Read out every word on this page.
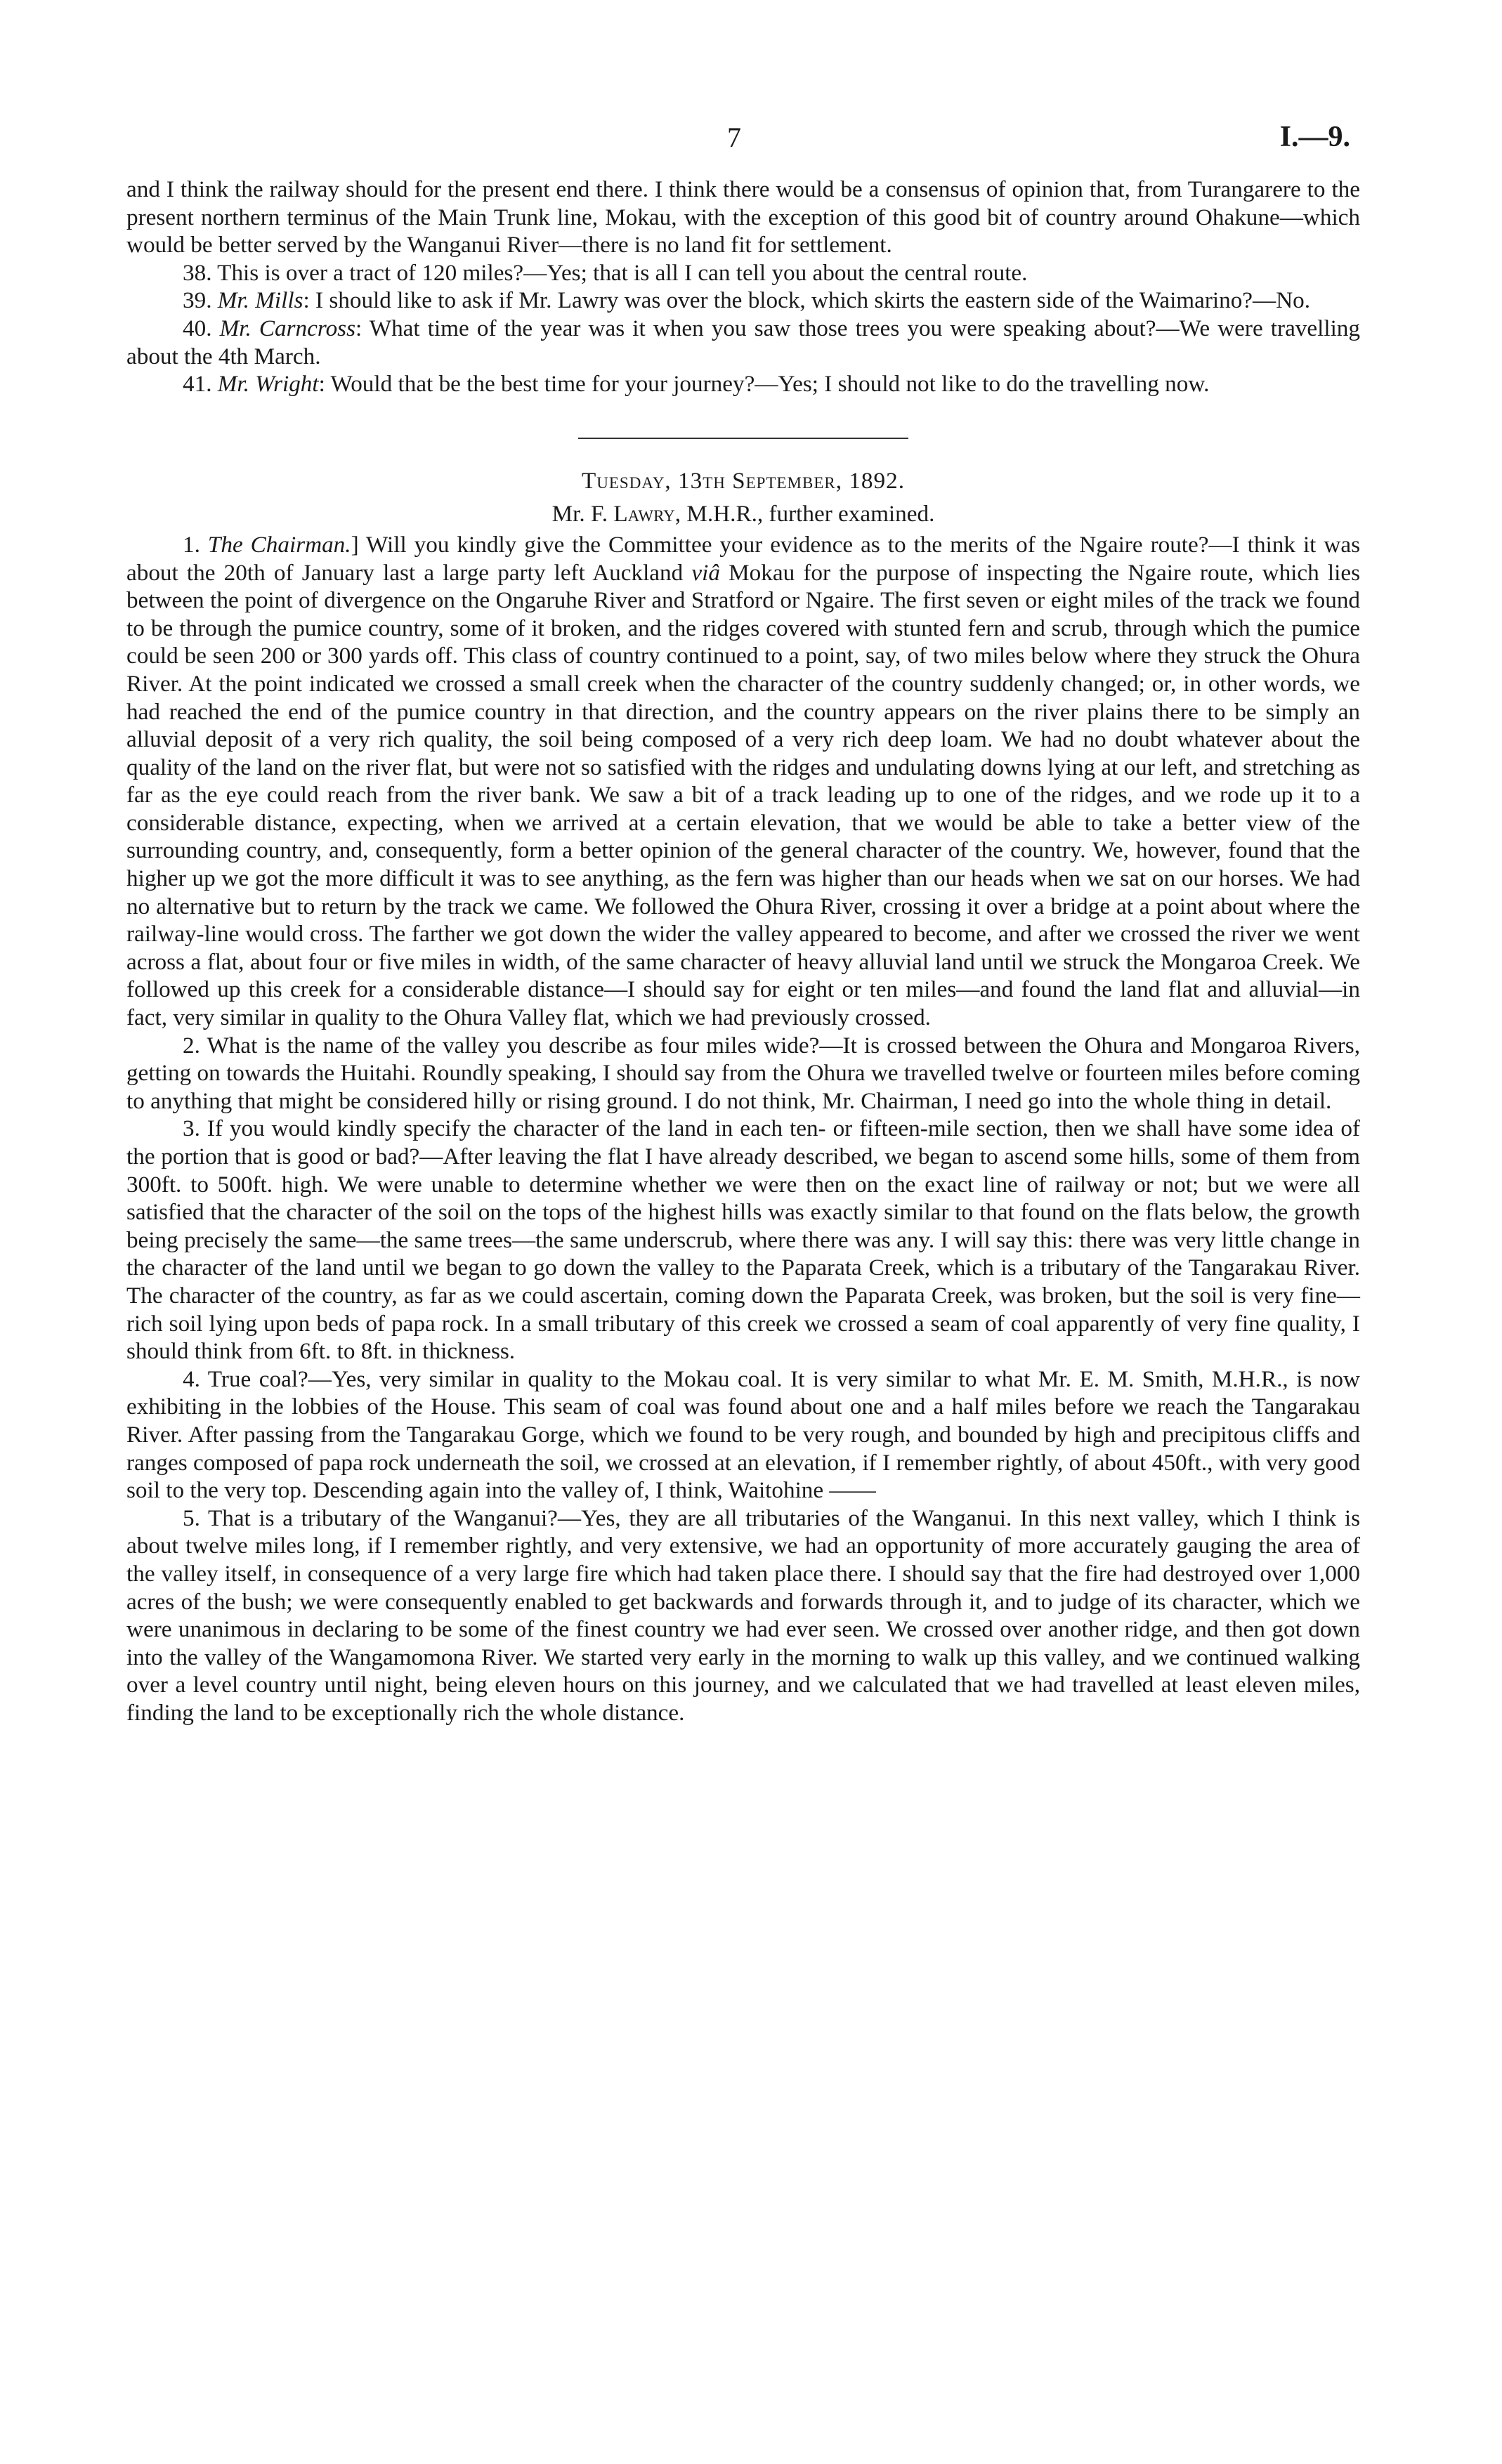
7	I.—9.

and I think the railway should for the present end there. I think there would be a consensus of opinion that, from Turangarere to the present northern terminus of the Main Trunk line, Mokau, with the exception of this good bit of country around Ohakune—which would be better served by the Wanganui River—there is no land fit for settlement.

38. This is over a tract of 120 miles?—Yes; that is all I can tell you about the central route.

39. Mr. Mills: I should like to ask if Mr. Lawry was over the block, which skirts the eastern side of the Waimarino?—No.

40. Mr. Carncross: What time of the year was it when you saw those trees you were speaking about?—We were travelling about the 4th March.

41. Mr. Wright: Would that be the best time for your journey?—Yes; I should not like to do the travelling now.

Tuesday, 13th September, 1892.

Mr. F. Lawry, M.H.R., further examined.

1. The Chairman.] Will you kindly give the Committee your evidence as to the merits of the Ngaire route?—I think it was about the 20th of January last a large party left Auckland viâ Mokau for the purpose of inspecting the Ngaire route, which lies between the point of divergence on the Ongaruhe River and Stratford or Ngaire. The first seven or eight miles of the track we found to be through the pumice country, some of it broken, and the ridges covered with stunted fern and scrub, through which the pumice could be seen 200 or 300 yards off. This class of country continued to a point, say, of two miles below where they struck the Ohura River. At the point indicated we crossed a small creek when the character of the country suddenly changed; or, in other words, we had reached the end of the pumice country in that direction, and the country appears on the river plains there to be simply an alluvial deposit of a very rich quality, the soil being composed of a very rich deep loam. We had no doubt whatever about the quality of the land on the river flat, but were not so satisfied with the ridges and undulating downs lying at our left, and stretching as far as the eye could reach from the river bank. We saw a bit of a track leading up to one of the ridges, and we rode up it to a considerable distance, expecting, when we arrived at a certain elevation, that we would be able to take a better view of the surrounding country, and, consequently, form a better opinion of the general character of the country. We, however, found that the higher up we got the more difficult it was to see anything, as the fern was higher than our heads when we sat on our horses. We had no alternative but to return by the track we came. We followed the Ohura River, crossing it over a bridge at a point about where the railway-line would cross. The farther we got down the wider the valley appeared to become, and after we crossed the river we went across a flat, about four or five miles in width, of the same character of heavy alluvial land until we struck the Mongaroa Creek. We followed up this creek for a considerable distance—I should say for eight or ten miles—and found the land flat and alluvial—in fact, very similar in quality to the Ohura Valley flat, which we had previously crossed.

2. What is the name of the valley you describe as four miles wide?—It is crossed between the Ohura and Mongaroa Rivers, getting on towards the Huitahi. Roundly speaking, I should say from the Ohura we travelled twelve or fourteen miles before coming to anything that might be considered hilly or rising ground. I do not think, Mr. Chairman, I need go into the whole thing in detail.

3. If you would kindly specify the character of the land in each ten- or fifteen-mile section, then we shall have some idea of the portion that is good or bad?—After leaving the flat I have already described, we began to ascend some hills, some of them from 300ft. to 500ft. high. We were unable to determine whether we were then on the exact line of railway or not; but we were all satisfied that the character of the soil on the tops of the highest hills was exactly similar to that found on the flats below, the growth being precisely the same—the same trees—the same underscrub, where there was any. I will say this: there was very little change in the character of the land until we began to go down the valley to the Paparata Creek, which is a tributary of the Tangarakau River. The character of the country, as far as we could ascertain, coming down the Paparata Creek, was broken, but the soil is very fine—rich soil lying upon beds of papa rock. In a small tributary of this creek we crossed a seam of coal apparently of very fine quality, I should think from 6ft. to 8ft. in thickness.

4. True coal?—Yes, very similar in quality to the Mokau coal. It is very similar to what Mr. E. M. Smith, M.H.R., is now exhibiting in the lobbies of the House. This seam of coal was found about one and a half miles before we reach the Tangarakau River. After passing from the Tangarakau Gorge, which we found to be very rough, and bounded by high and precipitous cliffs and ranges composed of papa rock underneath the soil, we crossed at an elevation, if I remember rightly, of about 450ft., with very good soil to the very top. Descending again into the valley of, I think, Waitohine ——

5. That is a tributary of the Wanganui?—Yes, they are all tributaries of the Wanganui. In this next valley, which I think is about twelve miles long, if I remember rightly, and very extensive, we had an opportunity of more accurately gauging the area of the valley itself, in consequence of a very large fire which had taken place there. I should say that the fire had destroyed over 1,000 acres of the bush; we were consequently enabled to get backwards and forwards through it, and to judge of its character, which we were unanimous in declaring to be some of the finest country we had ever seen. We crossed over another ridge, and then got down into the valley of the Wangamomona River. We started very early in the morning to walk up this valley, and we continued walking over a level country until night, being eleven hours on this journey, and we calculated that we had travelled at least eleven miles, finding the land to be exceptionally rich the whole distance.
